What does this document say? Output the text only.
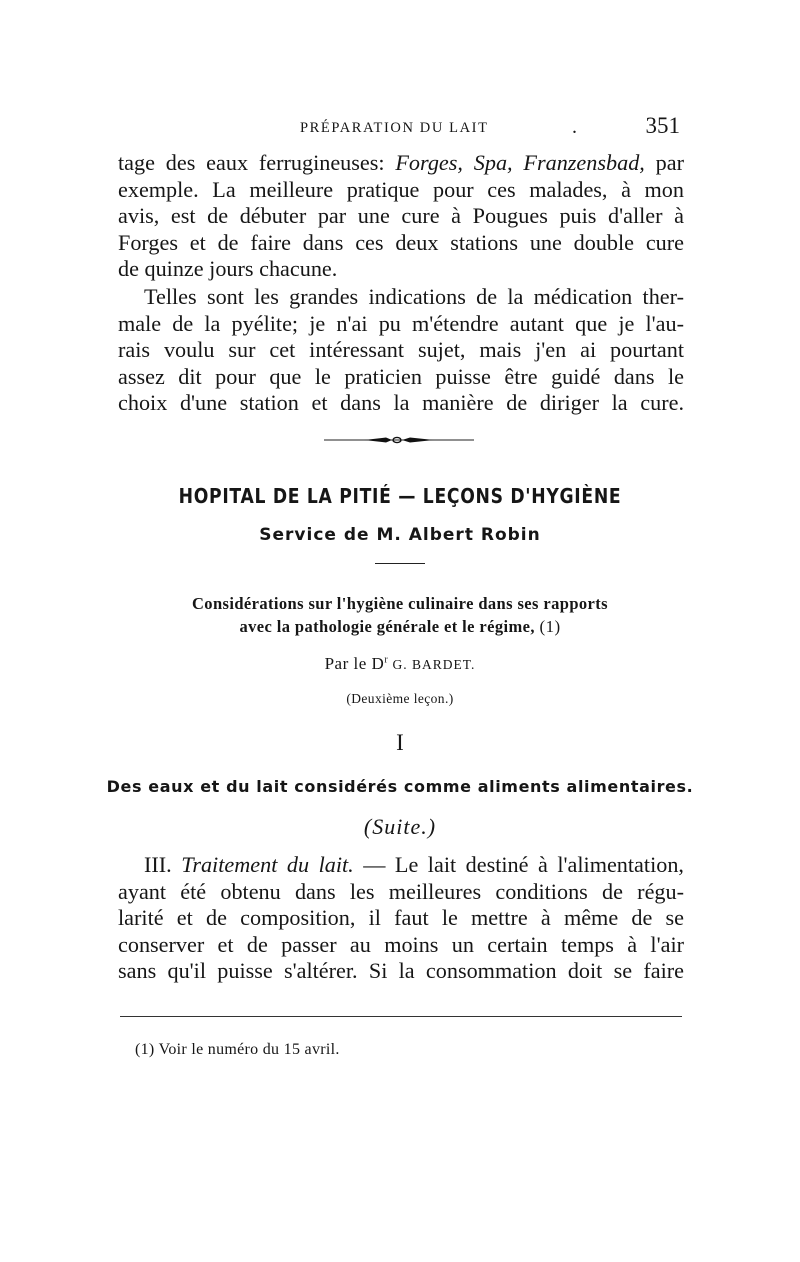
PRÉPARATION DU LAIT	.	351

tage des eaux ferrugineuses: Forges, Spa, Franzensbad, par
exemple. La meilleure pratique pour ces malades, à mon
avis, est de débuter par une cure à Pougues puis d'aller à
Forges et de faire dans ces deux stations une double cure
de quinze jours chacune.

Telles sont les grandes indications de la médication ther-
male de la pyélite; je n'ai pu m'étendre autant que je l'au-
rais voulu sur cet intéressant sujet, mais j'en ai pourtant
assez dit pour que le praticien puisse être guidé dans le
choix d'une station et dans la manière de diriger la cure.

HOPITAL DE LA PITIÉ — LEÇONS D'HYGIÈNE
Service de M. Albert Robin
Considérations sur l'hygiène culinaire dans ses rapports
avec la pathologie générale et le régime, (1)
Par le $D^r$ G. BARDET.
(Deuxième leçon.)
I
Des eaux et du lait considérés comme aliments alimentaires.
(Suite.)

III. Traitement du lait. — Le lait destiné à l'alimentation,
ayant été obtenu dans les meilleures conditions de régu-
larité et de composition, il faut le mettre à même de se
conserver et de passer au moins un certain temps à l'air
sans qu'il puisse s'altérer. Si la consommation doit se faire

(1) Voir le numéro du 15 avril.
